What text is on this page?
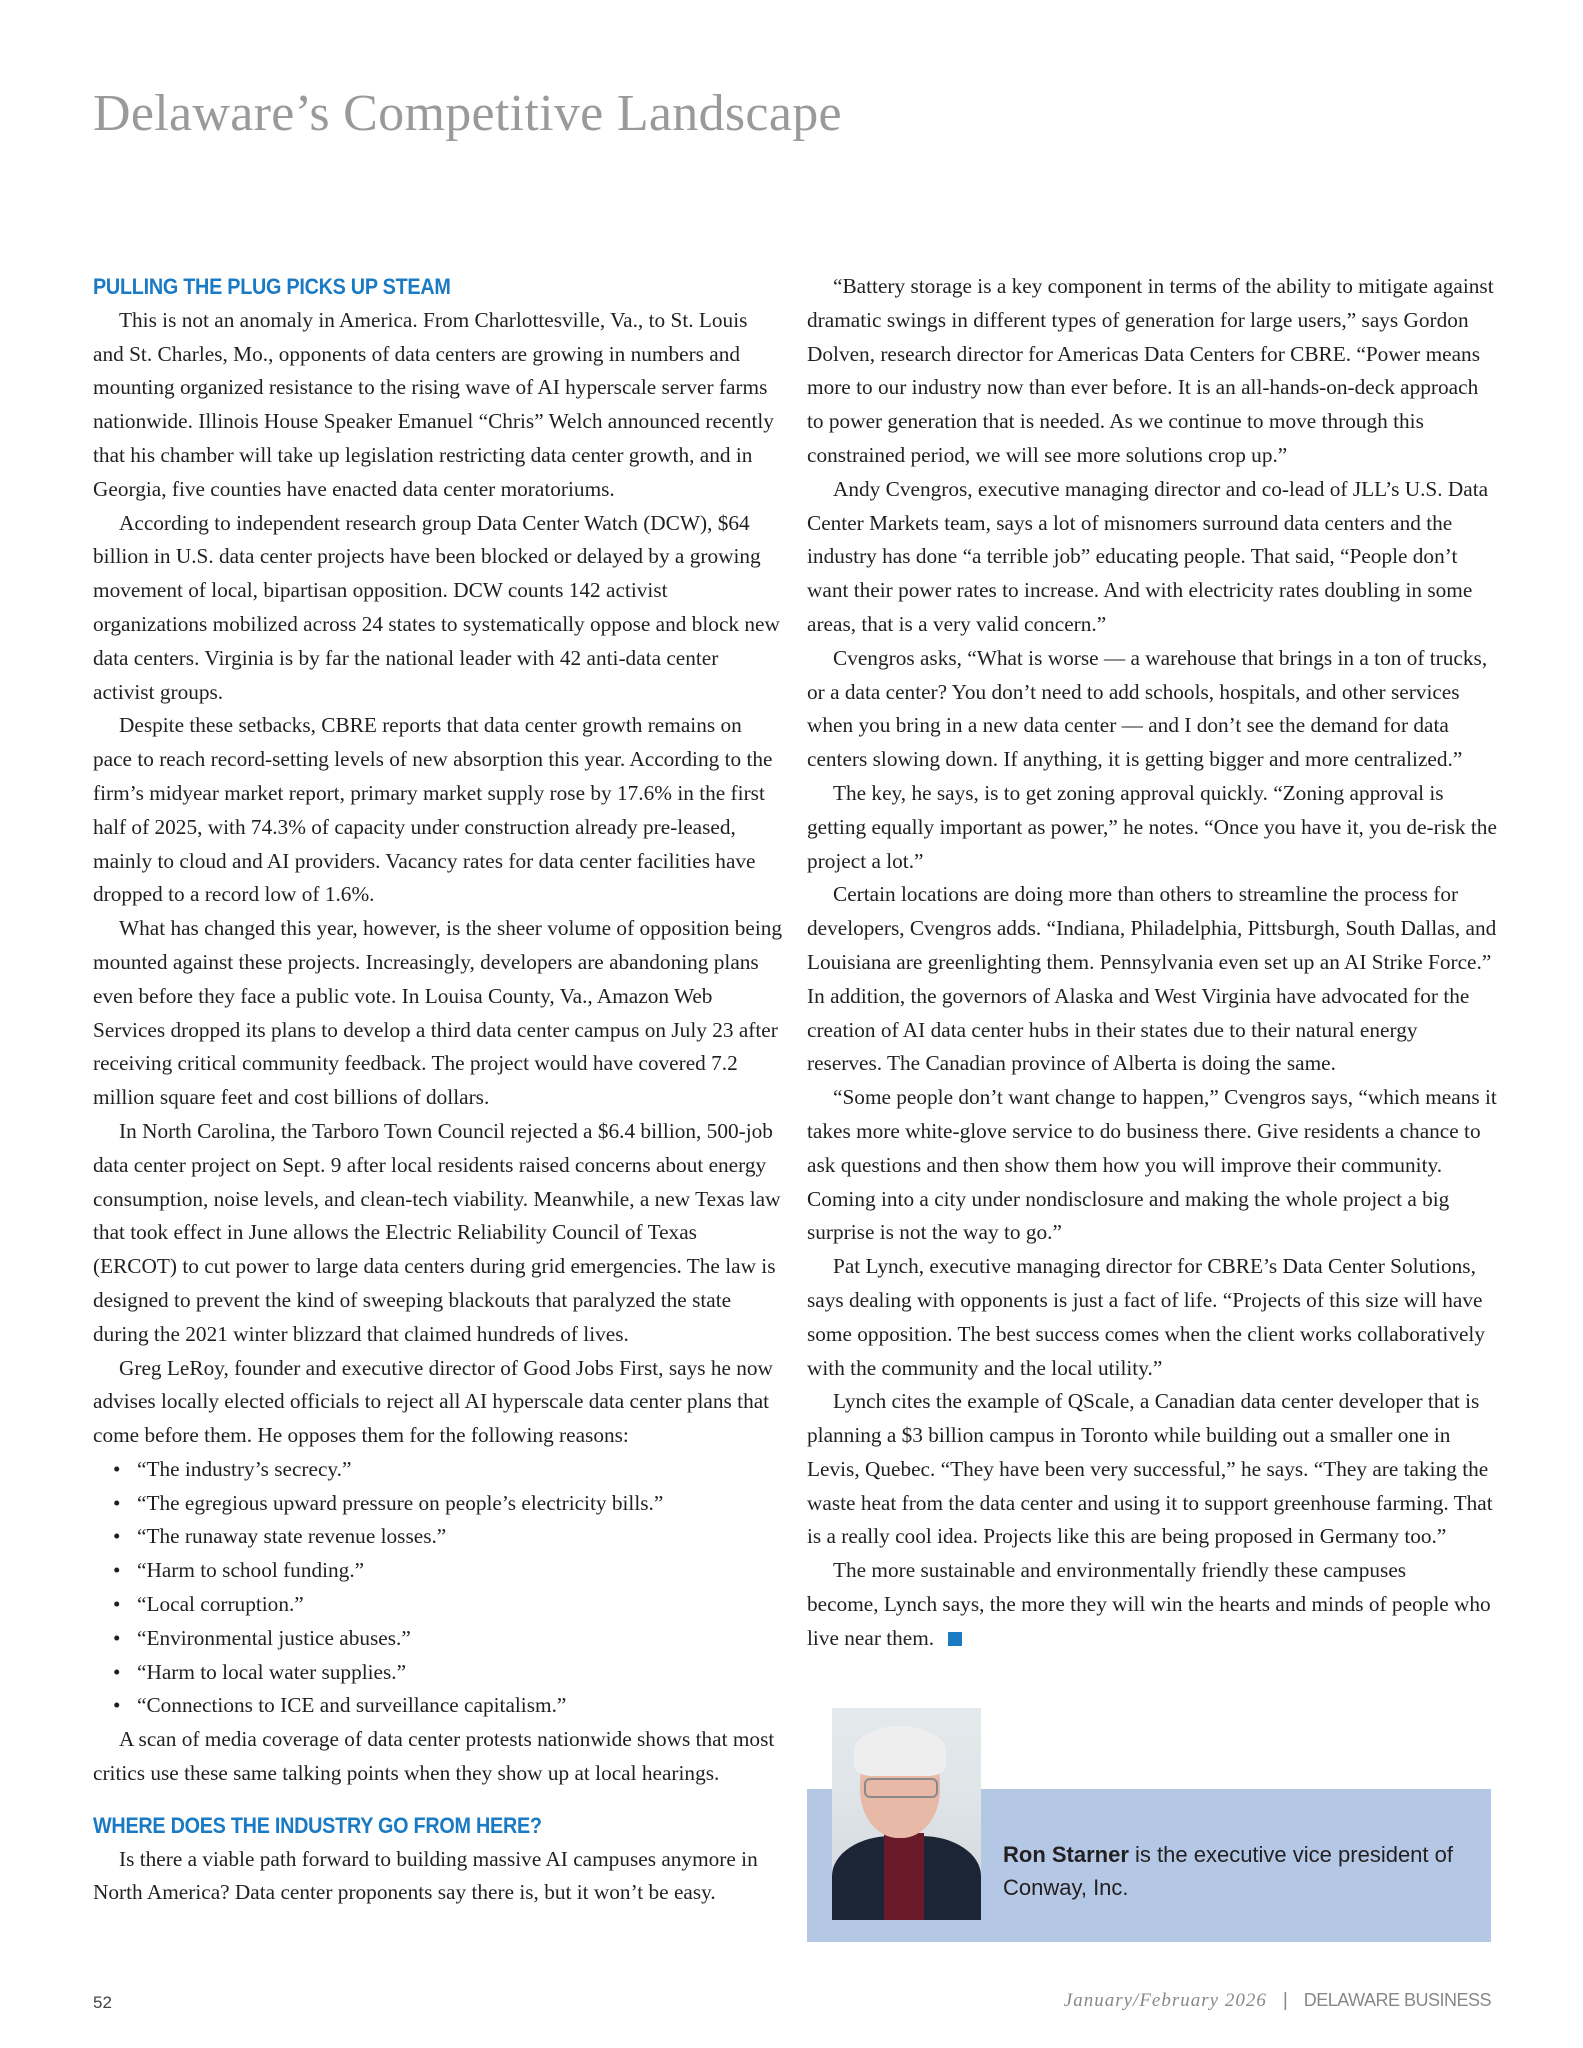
Delaware’s Competitive Landscape
PULLING THE PLUG PICKS UP STEAM

This is not an anomaly in America. From Charlottesville, Va., to St. Louis and St. Charles, Mo., opponents of data centers are growing in numbers and mounting organized resistance to the rising wave of AI hyperscale server farms nationwide. Illinois House Speaker Emanuel “Chris” Welch announced recently that his chamber will take up legislation restricting data center growth, and in Georgia, five counties have enacted data center moratoriums.

According to independent research group Data Center Watch (DCW), $64 billion in U.S. data center projects have been blocked or delayed by a growing movement of local, bipartisan opposition. DCW counts 142 activist organizations mobilized across 24 states to systematically oppose and block new data centers. Virginia is by far the national leader with 42 anti-data center activist groups.

Despite these setbacks, CBRE reports that data center growth remains on pace to reach record-setting levels of new absorption this year. According to the firm’s midyear market report, primary market supply rose by 17.6% in the first half of 2025, with 74.3% of capacity under construction already pre-leased, mainly to cloud and AI providers. Vacancy rates for data center facilities have dropped to a record low of 1.6%.

What has changed this year, however, is the sheer volume of opposition being mounted against these projects. Increasingly, developers are abandoning plans even before they face a public vote. In Louisa County, Va., Amazon Web Services dropped its plans to develop a third data center campus on July 23 after receiving critical community feedback. The project would have covered 7.2 million square feet and cost billions of dollars.

In North Carolina, the Tarboro Town Council rejected a $6.4 billion, 500-job data center project on Sept. 9 after local residents raised concerns about energy consumption, noise levels, and clean-tech viability. Meanwhile, a new Texas law that took effect in June allows the Electric Reliability Council of Texas (ERCOT) to cut power to large data centers during grid emergencies. The law is designed to prevent the kind of sweeping blackouts that paralyzed the state during the 2021 winter blizzard that claimed hundreds of lives.

Greg LeRoy, founder and executive director of Good Jobs First, says he now advises locally elected officials to reject all AI hyperscale data center plans that come before them. He opposes them for the following reasons:

• “The industry’s secrecy.”
• “The egregious upward pressure on people’s electricity bills.”
• “The runaway state revenue losses.”
• “Harm to school funding.”
• “Local corruption.”
• “Environmental justice abuses.”
• “Harm to local water supplies.”
• “Connections to ICE and surveillance capitalism.”

A scan of media coverage of data center protests nationwide shows that most critics use these same talking points when they show up at local hearings.

WHERE DOES THE INDUSTRY GO FROM HERE?

Is there a viable path forward to building massive AI campuses anymore in North America? Data center proponents say there is, but it won’t be easy.

“Battery storage is a key component in terms of the ability to mitigate against dramatic swings in different types of generation for large users,” says Gordon Dolven, research director for Americas Data Centers for CBRE. “Power means more to our industry now than ever before. It is an all-hands-on-deck approach to power generation that is needed. As we continue to move through this constrained period, we will see more solutions crop up.”

Andy Cvengros, executive managing director and co-lead of JLL’s U.S. Data Center Markets team, says a lot of misnomers surround data centers and the industry has done “a terrible job” educating people. That said, “People don’t want their power rates to increase. And with electricity rates doubling in some areas, that is a very valid concern.”

Cvengros asks, “What is worse — a warehouse that brings in a ton of trucks, or a data center? You don’t need to add schools, hospitals, and other services when you bring in a new data center — and I don’t see the demand for data centers slowing down. If anything, it is getting bigger and more centralized.”

The key, he says, is to get zoning approval quickly. “Zoning approval is getting equally important as power,” he notes. “Once you have it, you de-risk the project a lot.”

Certain locations are doing more than others to streamline the process for developers, Cvengros adds. “Indiana, Philadelphia, Pittsburgh, South Dallas, and Louisiana are greenlighting them. Pennsylvania even set up an AI Strike Force.” In addition, the governors of Alaska and West Virginia have advocated for the creation of AI data center hubs in their states due to their natural energy reserves. The Canadian province of Alberta is doing the same.

“Some people don’t want change to happen,” Cvengros says, “which means it takes more white-glove service to do business there. Give residents a chance to ask questions and then show them how you will improve their community. Coming into a city under nondisclosure and making the whole project a big surprise is not the way to go.”

Pat Lynch, executive managing director for CBRE’s Data Center Solutions, says dealing with opponents is just a fact of life. “Projects of this size will have some opposition. The best success comes when the client works collaboratively with the community and the local utility.”

Lynch cites the example of QScale, a Canadian data center developer that is planning a $3 billion campus in Toronto while building out a smaller one in Levis, Quebec. “They have been very successful,” he says. “They are taking the waste heat from the data center and using it to support greenhouse farming. That is a really cool idea. Projects like this are being proposed in Germany too.”

The more sustainable and environmentally friendly these campuses

become, Lynch says, the more they will win the hearts and minds of people who live near them.

Ron Starner is the executive vice president of Conway, Inc.
52	January/February 2026 | DELAWARE BUSINESS
